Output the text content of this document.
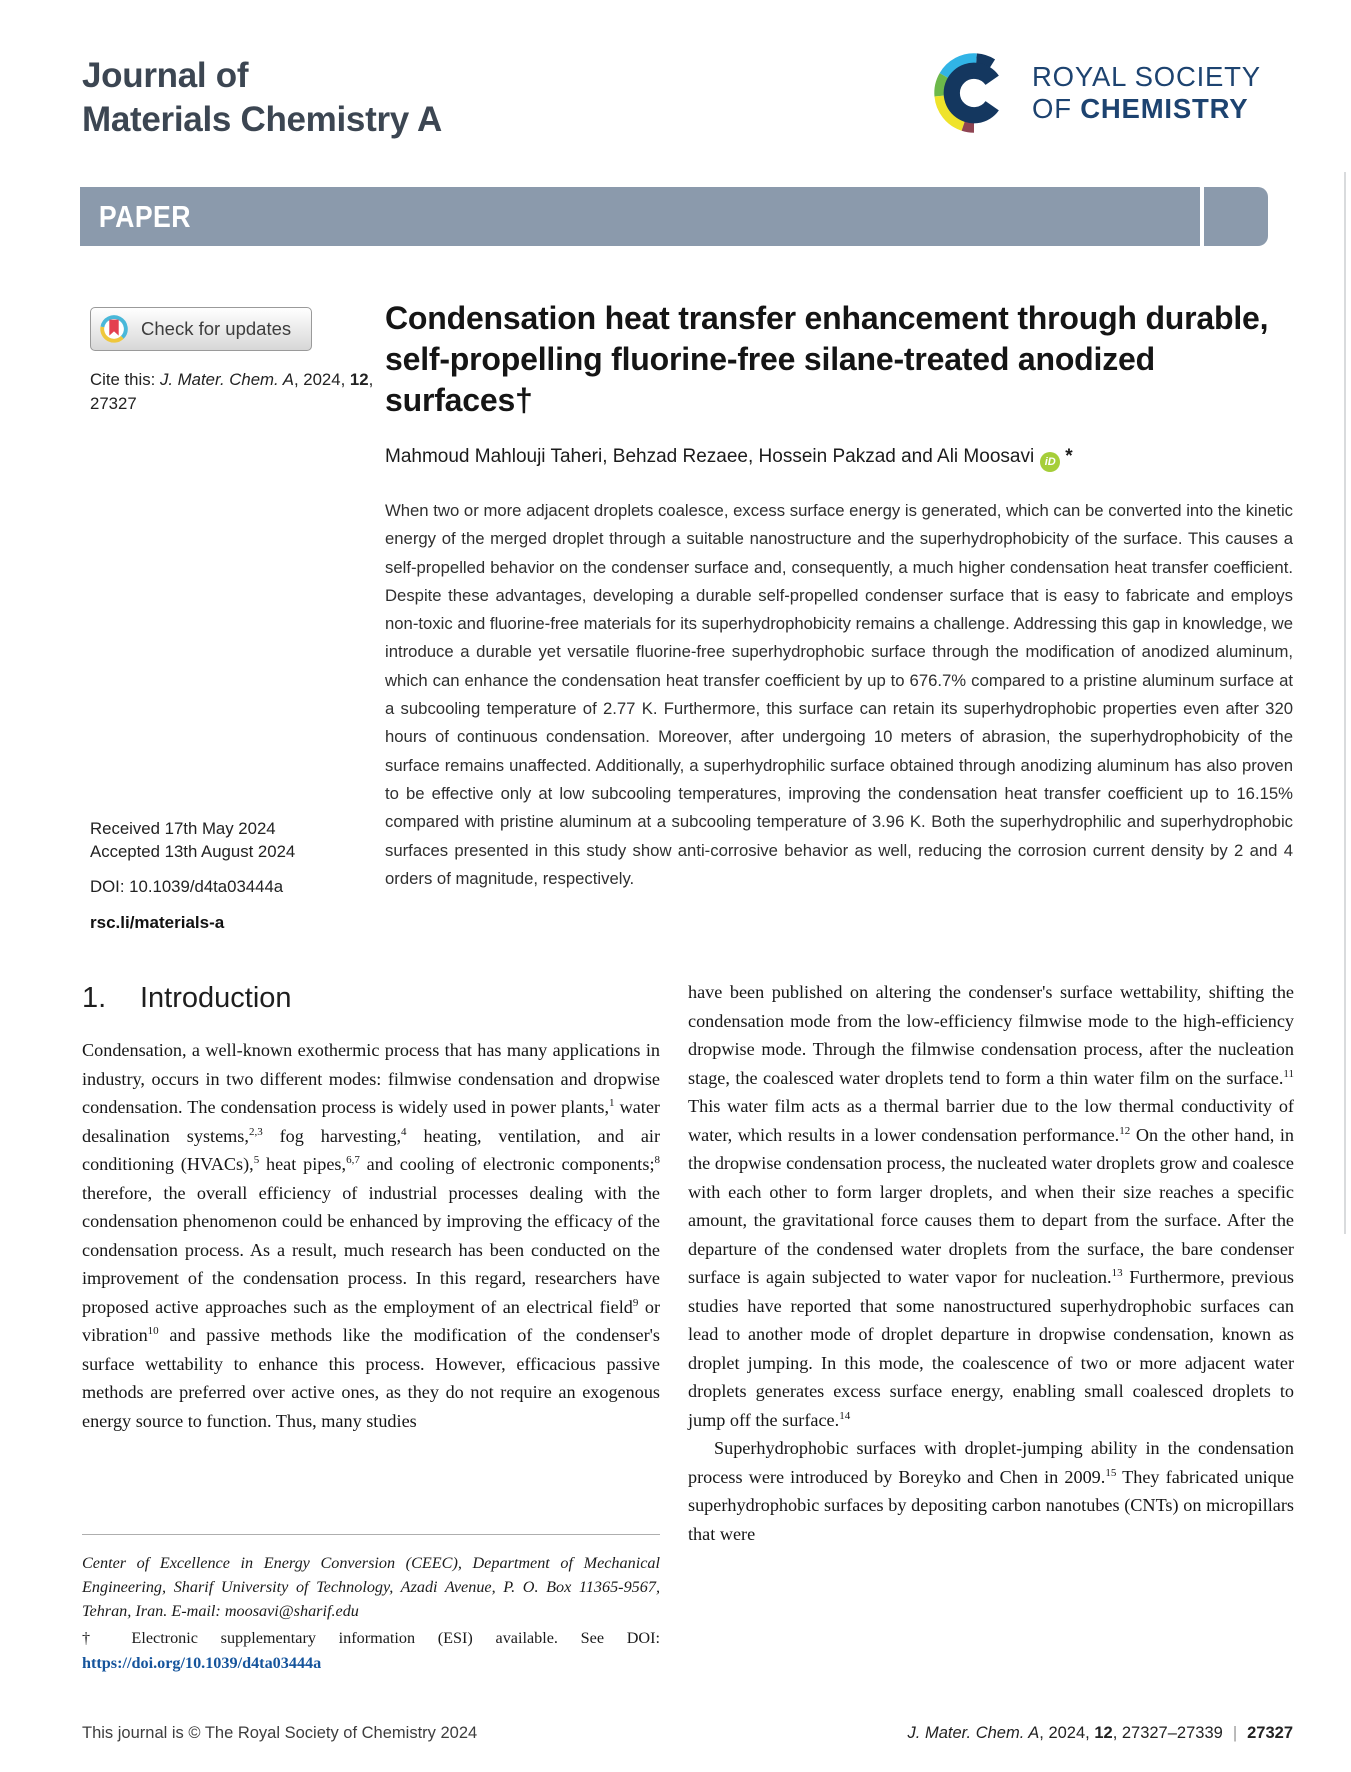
Journal of
Materials Chemistry A
ROYAL SOCIETY
OF CHEMISTRY
PAPER
Check for updates
Cite this: J. Mater. Chem. A, 2024, 12, 27327
Received 17th May 2024
Accepted 13th August 2024
DOI: 10.1039/d4ta03444a
rsc.li/materials-a
Condensation heat transfer enhancement through durable, self-propelling fluorine-free silane-treated anodized surfaces†
Mahmoud Mahlouji Taheri, Behzad Rezaee, Hossein Pakzad and Ali Moosavi iD *
When two or more adjacent droplets coalesce, excess surface energy is generated, which can be converted into the kinetic energy of the merged droplet through a suitable nanostructure and the superhydrophobicity of the surface. This causes a self-propelled behavior on the condenser surface and, consequently, a much higher condensation heat transfer coefficient. Despite these advantages, developing a durable self-propelled condenser surface that is easy to fabricate and employs non-toxic and fluorine-free materials for its superhydrophobicity remains a challenge. Addressing this gap in knowledge, we introduce a durable yet versatile fluorine-free superhydrophobic surface through the modification of anodized aluminum, which can enhance the condensation heat transfer coefficient by up to 676.7% compared to a pristine aluminum surface at a subcooling temperature of 2.77 K. Furthermore, this surface can retain its superhydrophobic properties even after 320 hours of continuous condensation. Moreover, after undergoing 10 meters of abrasion, the superhydrophobicity of the surface remains unaffected. Additionally, a superhydrophilic surface obtained through anodizing aluminum has also proven to be effective only at low subcooling temperatures, improving the condensation heat transfer coefficient up to 16.15% compared with pristine aluminum at a subcooling temperature of 3.96 K. Both the superhydrophilic and superhydrophobic surfaces presented in this study show anti-corrosive behavior as well, reducing the corrosion current density by 2 and 4 orders of magnitude, respectively.
1. Introduction
Condensation, a well-known exothermic process that has many applications in industry, occurs in two different modes: filmwise condensation and dropwise condensation. The condensation process is widely used in power plants,$^1$ water desalination systems,$^{2,3}$ fog harvesting,$^4$ heating, ventilation, and air conditioning (HVACs),$^5$ heat pipes,$^{6,7}$ and cooling of electronic components;$^8$ therefore, the overall efficiency of industrial processes dealing with the condensation phenomenon could be enhanced by improving the efficacy of the condensation process. As a result, much research has been conducted on the improvement of the condensation process. In this regard, researchers have proposed active approaches such as the employment of an electrical field$^9$ or vibration$^{10}$ and passive methods like the modification of the condenser's surface wettability to enhance this process. However, efficacious passive methods are preferred over active ones, as they do not require an exogenous energy source to function. Thus, many studies

have been published on altering the condenser's surface wettability, shifting the condensation mode from the low-efficiency filmwise mode to the high-efficiency dropwise mode. Through the filmwise condensation process, after the nucleation stage, the coalesced water droplets tend to form a thin water film on the surface.$^{11}$ This water film acts as a thermal barrier due to the low thermal conductivity of water, which results in a lower condensation performance.$^{12}$ On the other hand, in the dropwise condensation process, the nucleated water droplets grow and coalesce with each other to form larger droplets, and when their size reaches a specific amount, the gravitational force causes them to depart from the surface. After the departure of the condensed water droplets from the surface, the bare condenser surface is again subjected to water vapor for nucleation.$^{13}$ Furthermore, previous studies have reported that some nanostructured superhydrophobic surfaces can lead to another mode of droplet departure in dropwise condensation, known as droplet jumping. In this mode, the coalescence of two or more adjacent water droplets generates excess surface energy, enabling small coalesced droplets to jump off the surface.$^{14}$

Superhydrophobic surfaces with droplet-jumping ability in the condensation process were introduced by Boreyko and Chen in 2009.15 They fabricated unique superhydrophobic surfaces by depositing carbon nanotubes (CNTs) on micropillars that were

Center of Excellence in Energy Conversion (CEEC), Department of Mechanical Engineering, Sharif University of Technology, Azadi Avenue, P. O. Box 11365-9567, Tehran, Iran. E-mail: moosavi@sharif.edu
† Electronic supplementary information (ESI) available. See DOI: https://doi.org/10.1039/d4ta03444a
This journal is © The Royal Society of Chemistry 2024	J. Mater. Chem. A, 2024, 12, 27327–27339 | 27327
